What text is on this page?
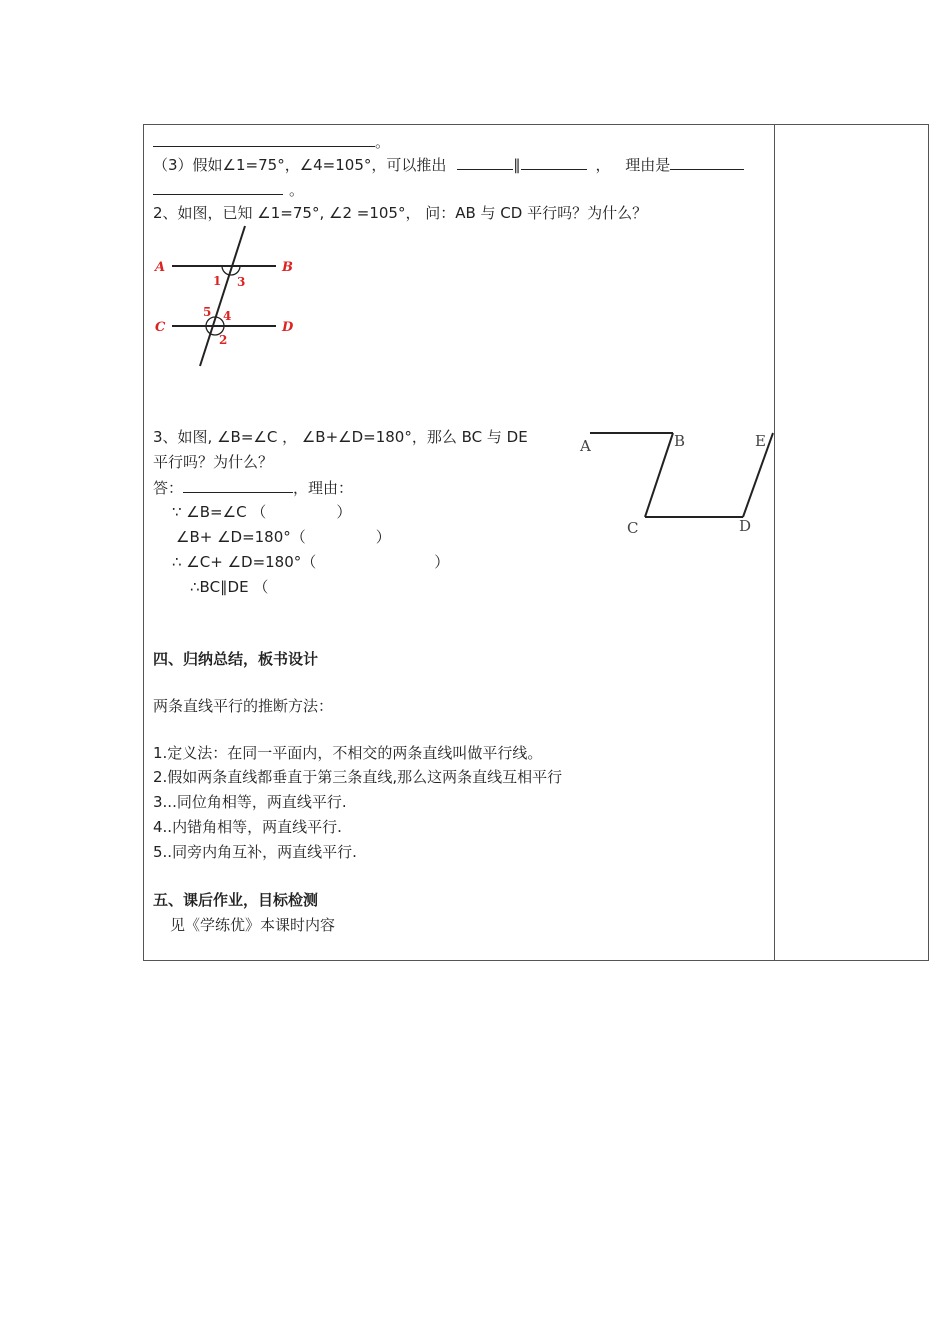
。
（3）假如∠1=75°，∠4=105°，可以推出	∥	， 理由是
。
2、如图，已知 ∠1=75°, ∠2 =105°， 问：AB 与 CD 平行吗？为什么？
A	B
C	D
1 3
5 4
2
3、如图, ∠B=∠C ， ∠B+∠D=180°，那么 BC 与 DE
平行吗？为什么？
答：	，理由：
∵ ∠B=∠C （	）
∠B+ ∠D=180°（	）
∴ ∠C+ ∠D=180°（	）
∴BC∥DE （
A	B
C	D
E
四、归纳总结，板书设计
两条直线平行的推断方法：
1.定义法：在同一平面内，不相交的两条直线叫做平行线。
2.假如两条直线都垂直于第三条直线,那么这两条直线互相平行
3...同位角相等，两直线平行.
4..内错角相等，两直线平行.
5..同旁内角互补，两直线平行.
五、课后作业，目标检测
见《学练优》本课时内容
